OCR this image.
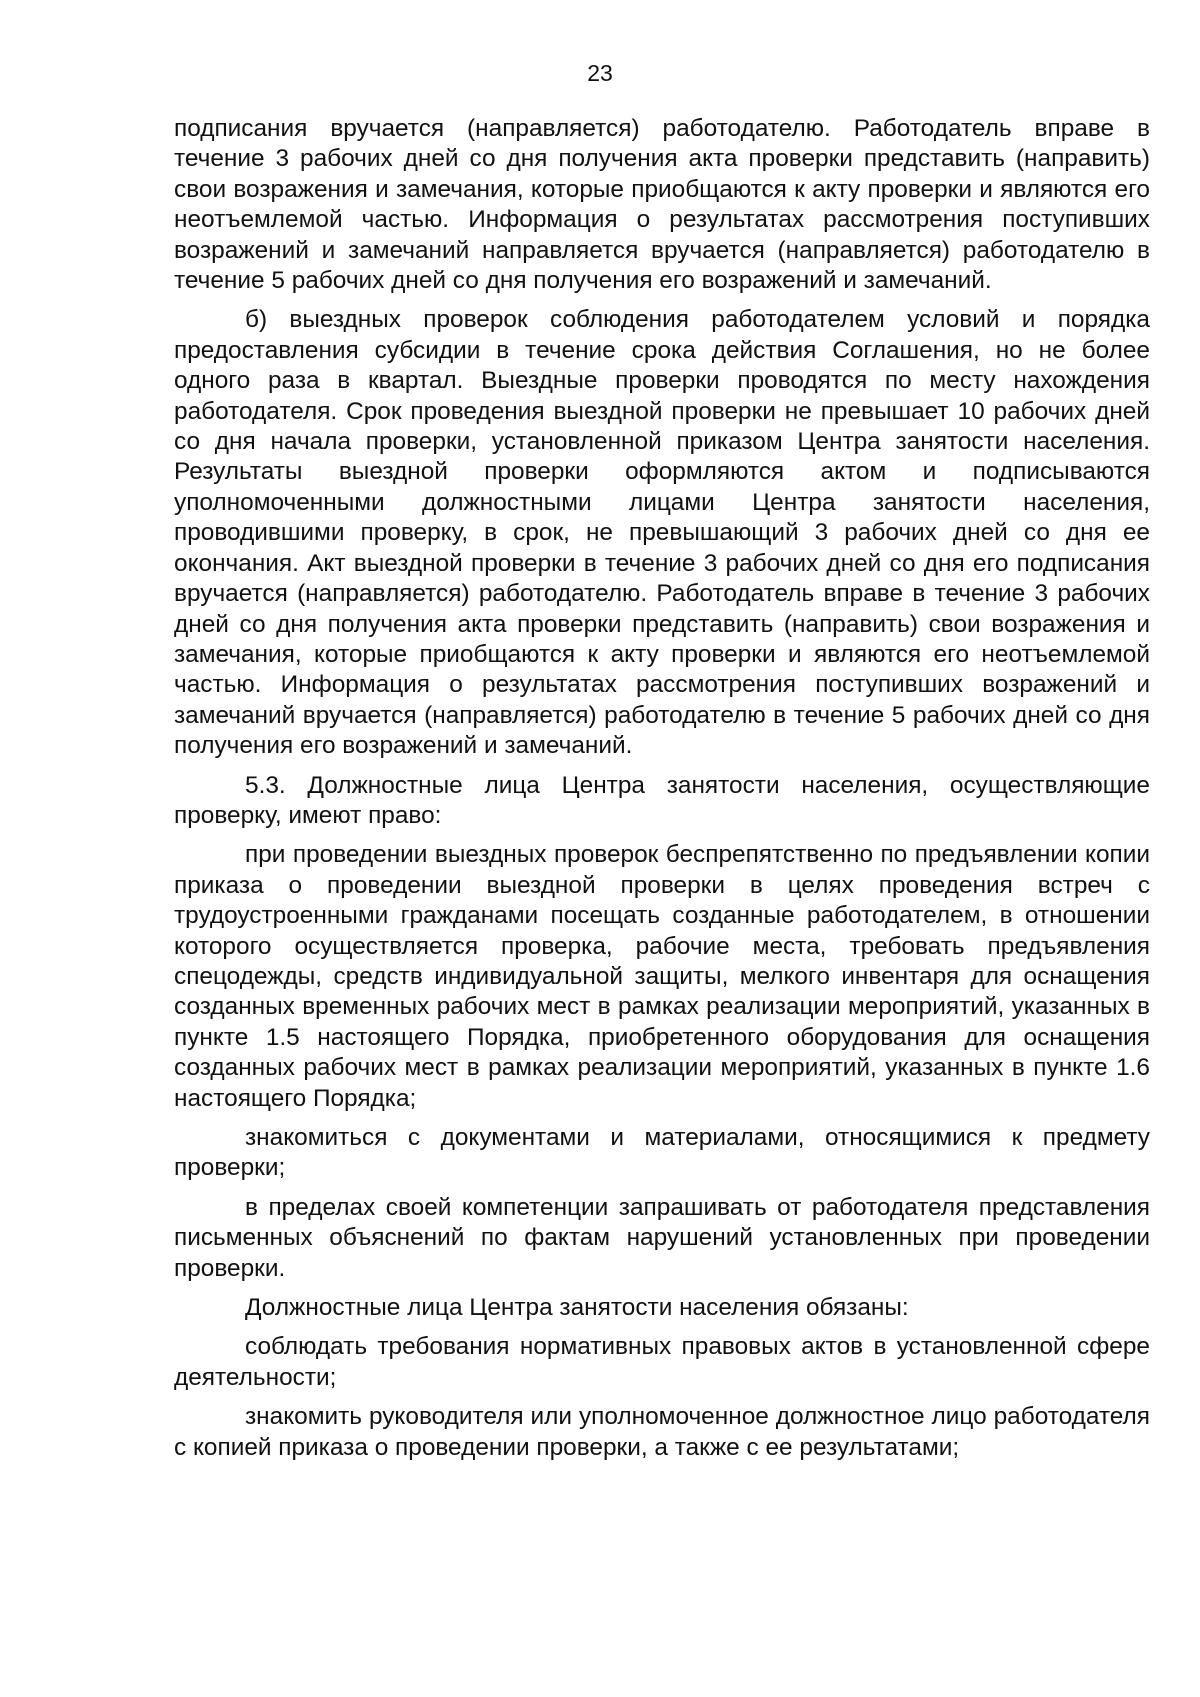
23

подписания вручается (направляется) работодателю. Работодатель вправе в течение 3 рабочих дней со дня получения акта проверки представить (направить) свои возражения и замечания, которые приобщаются к акту проверки и являются его неотъемлемой частью. Информация о результатах рассмотрения поступивших возражений и замечаний направляется вручается (направляется) работодателю в течение 5 рабочих дней со дня получения его возражений и замечаний.

б) выездных проверок соблюдения работодателем условий и порядка предоставления субсидии в течение срока действия Соглашения, но не более одного раза в квартал. Выездные проверки проводятся по месту нахождения работодателя. Срок проведения выездной проверки не превышает 10 рабочих дней со дня начала проверки, установленной приказом Центра занятости населения. Результаты выездной проверки оформляются актом и подписываются уполномоченными должностными лицами Центра занятости населения, проводившими проверку, в срок, не превышающий 3 рабочих дней со дня ее окончания. Акт выездной проверки в течение 3 рабочих дней со дня его подписания вручается (направляется) работодателю. Работодатель вправе в течение 3 рабочих дней со дня получения акта проверки представить (направить) свои возражения и замечания, которые приобщаются к акту проверки и являются его неотъемлемой частью. Информация о результатах рассмотрения поступивших возражений и замечаний вручается (направляется) работодателю в течение 5 рабочих дней со дня получения его возражений и замечаний.

5.3. Должностные лица Центра занятости населения, осуществляющие проверку, имеют право:

при проведении выездных проверок беспрепятственно по предъявлении копии приказа о проведении выездной проверки в целях проведения встреч с трудоустроенными гражданами посещать созданные работодателем, в отношении которого осуществляется проверка, рабочие места, требовать предъявления спецодежды, средств индивидуальной защиты, мелкого инвентаря для оснащения созданных временных рабочих мест в рамках реализации мероприятий, указанных в пункте 1.5 настоящего Порядка, приобретенного оборудования для оснащения созданных рабочих мест в рамках реализации мероприятий, указанных в пункте 1.6 настоящего Порядка;

знакомиться с документами и материалами, относящимися к предмету проверки;

в пределах своей компетенции запрашивать от работодателя представления письменных объяснений по фактам нарушений установленных при проведении проверки.

Должностные лица Центра занятости населения обязаны:

соблюдать требования нормативных правовых актов в установленной сфере деятельности;

знакомить руководителя или уполномоченное должностное лицо работодателя с копией приказа о проведении проверки, а также с ее результатами;
